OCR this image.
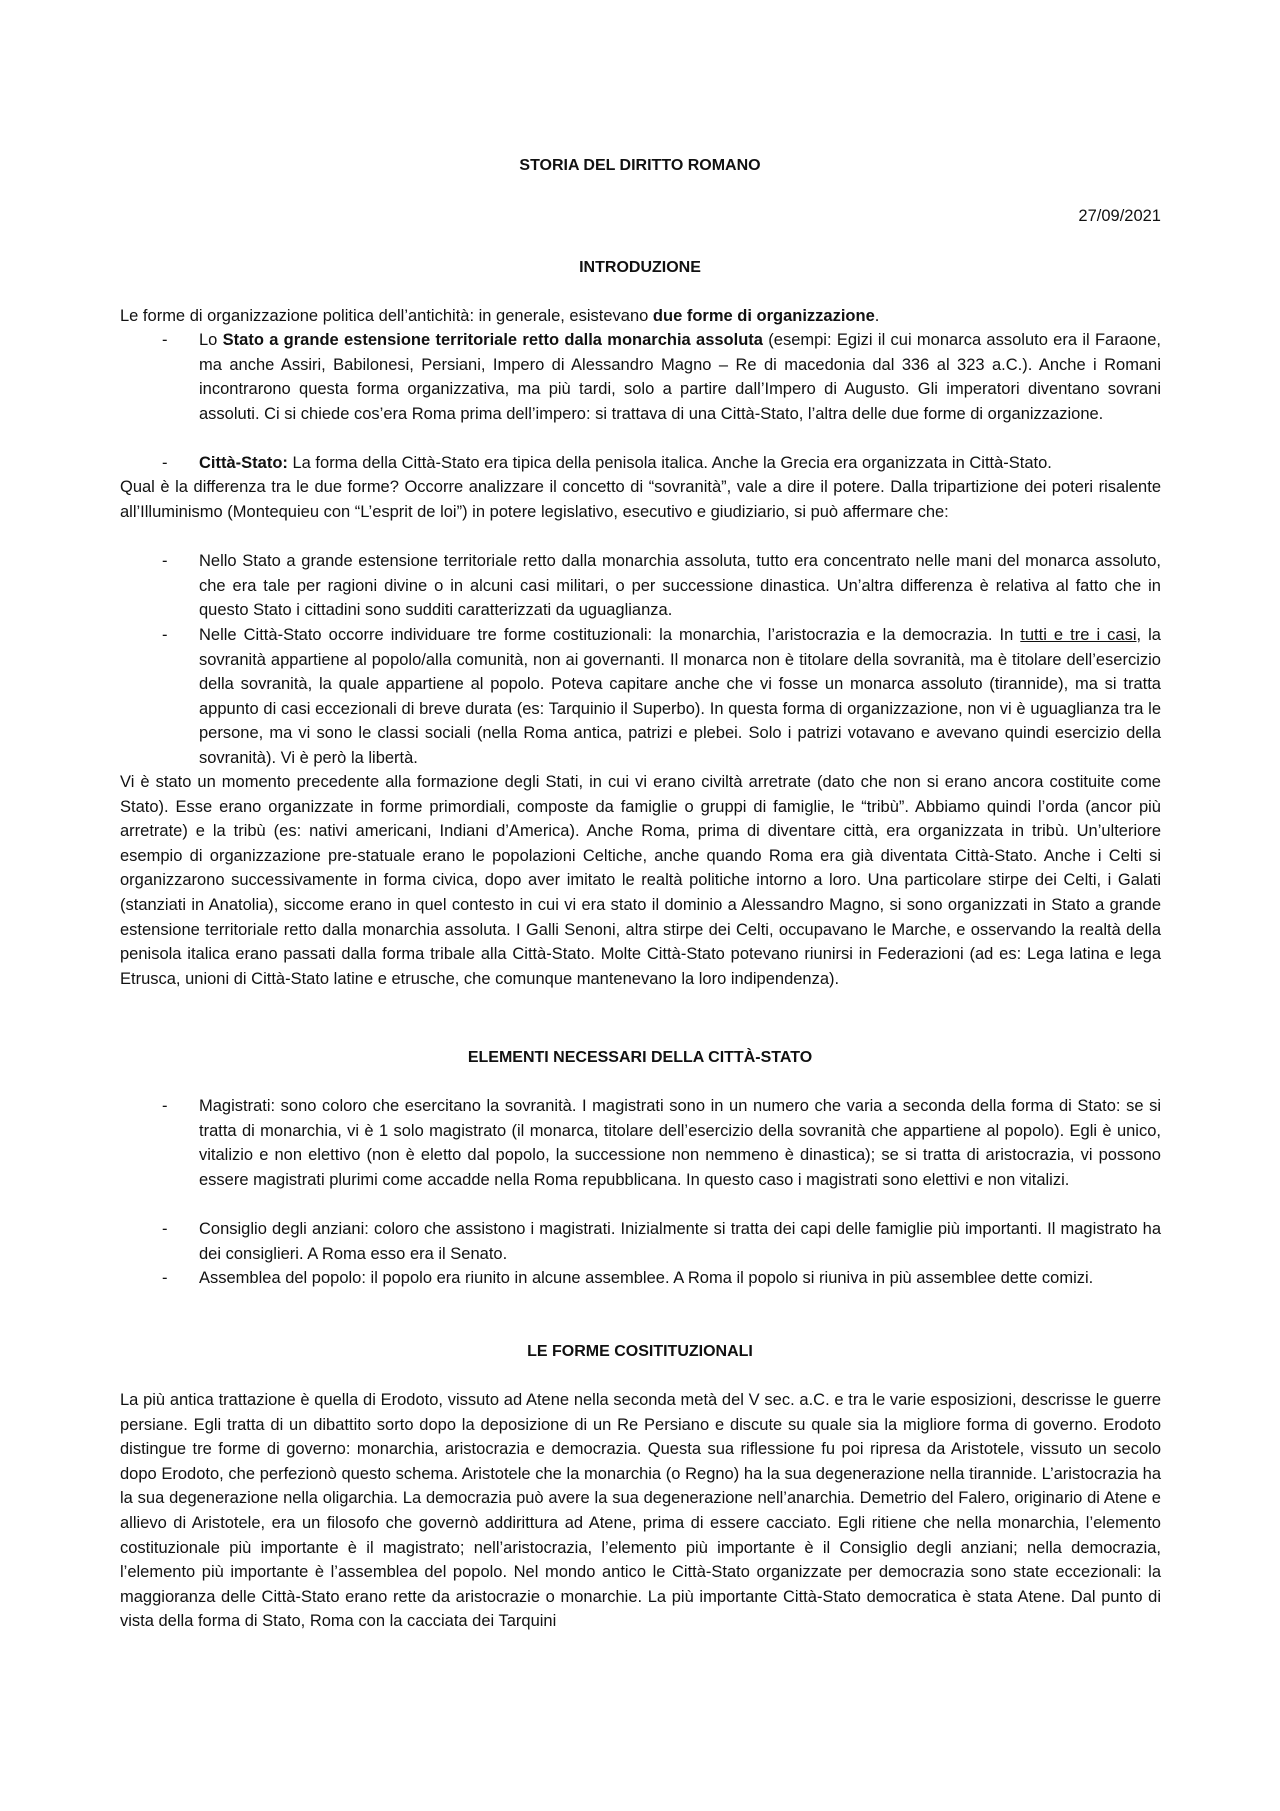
STORIA DEL DIRITTO ROMANO
27/09/2021
INTRODUZIONE
Le forme di organizzazione politica dell’antichità: in generale, esistevano due forme di organizzazione.
-	Lo Stato a grande estensione territoriale retto dalla monarchia assoluta (esempi: Egizi il cui monarca assoluto era il Faraone, ma anche Assiri, Babilonesi, Persiani, Impero di Alessandro Magno – Re di macedonia dal 336 al 323 a.C.). Anche i Romani incontrarono questa forma organizzativa, ma più tardi, solo a partire dall’Impero di Augusto. Gli imperatori diventano sovrani assoluti. Ci si chiede cos’era Roma prima dell’impero: si trattava di una Città-Stato, l’altra delle due forme di organizzazione.
-	Città-Stato: La forma della Città-Stato era tipica della penisola italica. Anche la Grecia era organizzata in Città-Stato.
Qual è la differenza tra le due forme? Occorre analizzare il concetto di “sovranità”, vale a dire il potere. Dalla tripartizione dei poteri risalente all’Illuminismo (Montequieu con “L’esprit de loi”) in potere legislativo, esecutivo e giudiziario, si può affermare che:
-	Nello Stato a grande estensione territoriale retto dalla monarchia assoluta, tutto era concentrato nelle mani del monarca assoluto, che era tale per ragioni divine o in alcuni casi militari, o per successione dinastica. Un’altra differenza è relativa al fatto che in questo Stato i cittadini sono sudditi caratterizzati da uguaglianza.
-	Nelle Città-Stato occorre individuare tre forme costituzionali: la monarchia, l’aristocrazia e la democrazia. In tutti e tre i casi, la sovranità appartiene al popolo/alla comunità, non ai governanti. Il monarca non è titolare della sovranità, ma è titolare dell’esercizio della sovranità, la quale appartiene al popolo. Poteva capitare anche che vi fosse un monarca assoluto (tirannide), ma si tratta appunto di casi eccezionali di breve durata (es: Tarquinio il Superbo). In questa forma di organizzazione, non vi è uguaglianza tra le persone, ma vi sono le classi sociali (nella Roma antica, patrizi e plebei. Solo i patrizi votavano e avevano quindi esercizio della sovranità). Vi è però la libertà.
Vi è stato un momento precedente alla formazione degli Stati, in cui vi erano civiltà arretrate (dato che non si erano ancora costituite come Stato). Esse erano organizzate in forme primordiali, composte da famiglie o gruppi di famiglie, le “tribù”. Abbiamo quindi l’orda (ancor più arretrate) e la tribù (es: nativi americani, Indiani d’America). Anche Roma, prima di diventare città, era organizzata in tribù. Un’ulteriore esempio di organizzazione pre-statuale erano le popolazioni Celtiche, anche quando Roma era già diventata Città-Stato. Anche i Celti si organizzarono successivamente in forma civica, dopo aver imitato le realtà politiche intorno a loro. Una particolare stirpe dei Celti, i Galati (stanziati in Anatolia), siccome erano in quel contesto in cui vi era stato il dominio a Alessandro Magno, si sono organizzati in Stato a grande estensione territoriale retto dalla monarchia assoluta. I Galli Senoni, altra stirpe dei Celti, occupavano le Marche, e osservando la realtà della penisola italica erano passati dalla forma tribale alla Città-Stato. Molte Città-Stato potevano riunirsi in Federazioni (ad es: Lega latina e lega Etrusca, unioni di Città-Stato latine e etrusche, che comunque mantenevano la loro indipendenza).
ELEMENTI NECESSARI DELLA CITTÀ-STATO
-	Magistrati: sono coloro che esercitano la sovranità. I magistrati sono in un numero che varia a seconda della forma di Stato: se si tratta di monarchia, vi è 1 solo magistrato (il monarca, titolare dell’esercizio della sovranità che appartiene al popolo). Egli è unico, vitalizio e non elettivo (non è eletto dal popolo, la successione non nemmeno è dinastica); se si tratta di aristocrazia, vi possono essere magistrati plurimi come accadde nella Roma repubblicana. In questo caso i magistrati sono elettivi e non vitalizi.
-	Consiglio degli anziani: coloro che assistono i magistrati. Inizialmente si tratta dei capi delle famiglie più importanti. Il magistrato ha dei consiglieri. A Roma esso era il Senato.
-	Assemblea del popolo: il popolo era riunito in alcune assemblee. A Roma il popolo si riuniva in più assemblee dette comizi.
LE FORME COSITITUZIONALI
La più antica trattazione è quella di Erodoto, vissuto ad Atene nella seconda metà del V sec. a.C. e tra le varie esposizioni, descrisse le guerre persiane. Egli tratta di un dibattito sorto dopo la deposizione di un Re Persiano e discute su quale sia la migliore forma di governo. Erodoto distingue tre forme di governo: monarchia, aristocrazia e democrazia. Questa sua riflessione fu poi ripresa da Aristotele, vissuto un secolo dopo Erodoto, che perfezionò questo schema. Aristotele che la monarchia (o Regno) ha la sua degenerazione nella tirannide. L’aristocrazia ha la sua degenerazione nella oligarchia. La democrazia può avere la sua degenerazione nell’anarchia. Demetrio del Falero, originario di Atene e allievo di Aristotele, era un filosofo che governò addirittura ad Atene, prima di essere cacciato. Egli ritiene che nella monarchia, l’elemento costituzionale più importante è il magistrato; nell’aristocrazia, l’elemento più importante è il Consiglio degli anziani; nella democrazia, l’elemento più importante è l’assemblea del popolo. Nel mondo antico le Città-Stato organizzate per democrazia sono state eccezionali: la maggioranza delle Città-Stato erano rette da aristocrazie o monarchie. La più importante Città-Stato democratica è stata Atene. Dal punto di vista della forma di Stato, Roma con la cacciata dei Tarquini
